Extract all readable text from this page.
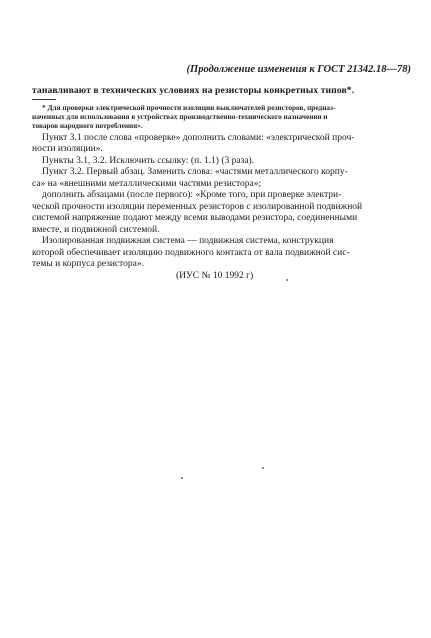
(Продолжение изменения к ГОСТ 21342.18—78)
танавливают в технических условиях на резисторы конкретных типов*.
* Для проверки электрической прочности изоляции выключателей резисторов, предназ-
наченных для использования в устройствах производственно-технического назначения и
товаров народного потребления».
Пункт 3.1 после слова «проверке» дополнить словами: «электрической проч-
ности изоляции».
Пункты 3.1, 3.2. Исключить ссылку: (п. 1.1) (3 раза).
Пункт 3.2. Первый абзац. Заменить слова: «частями металлического корпу-
са» на «внешними металлическими частями резистора»;
дополнить абзацами (после первого): «Кроме того, при проверке электри-
ческой прочности изоляции переменных резисторов с изолированной подвижной
системой напряжение подают между всеми выводами резистора, соединенными
вместе, и подвижной системой.
Изолированная подвижная система — подвижная система, конструкция
которой обеспечивает изоляцию подвижного контакта от вала подвижной сис-
темы и корпуса резистора».
(ИУС № 10 1992 г)
